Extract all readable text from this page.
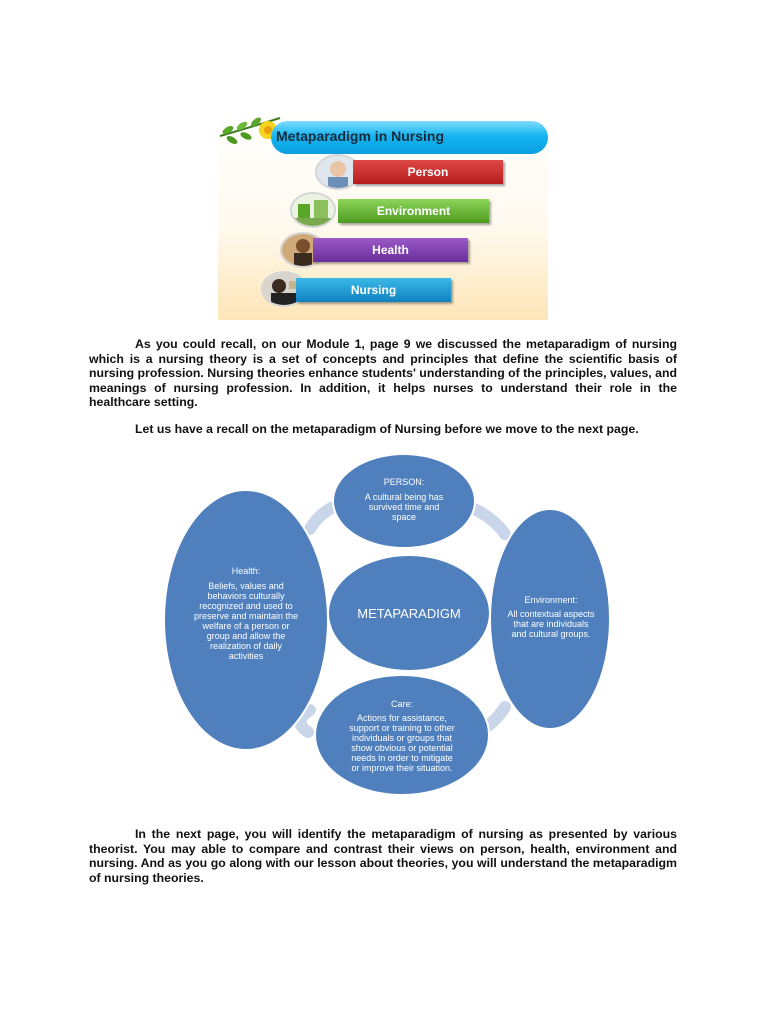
Metaparadigm in Nursing
Person
Environment
Health
Nursing

As you could recall, on our Module 1, page 9 we discussed the metaparadigm of nursing which is a nursing theory is a set of concepts and principles that define the scientific basis of nursing profession. Nursing theories enhance students' understanding of the principles, values, and meanings of nursing profession. In addition, it helps nurses to understand their role in the healthcare setting.

Let us have a recall on the metaparadigm of Nursing before we move to the next page.

METAPARADIGM
PERSON:
A cultural being has
survived time and
space
Environment:
All contextual aspects
that are individuals
and cultural groups.
Care:
Actions for assistance,
support or training to other
individuals or groups that
show obvious or potential
needs in order to mitigate
or improve their situation.
Health:
Beliefs, values and
behaviors culturally
recognized and used to
preserve and maintain the
welfare of a person or
group and allow the
realization of daily
activities

In the next page, you will identify the metaparadigm of nursing as presented by various theorist. You may able to compare and contrast their views on person, health, environment and nursing. And as you go along with our lesson about theories, you will understand the metaparadigm of nursing theories.
